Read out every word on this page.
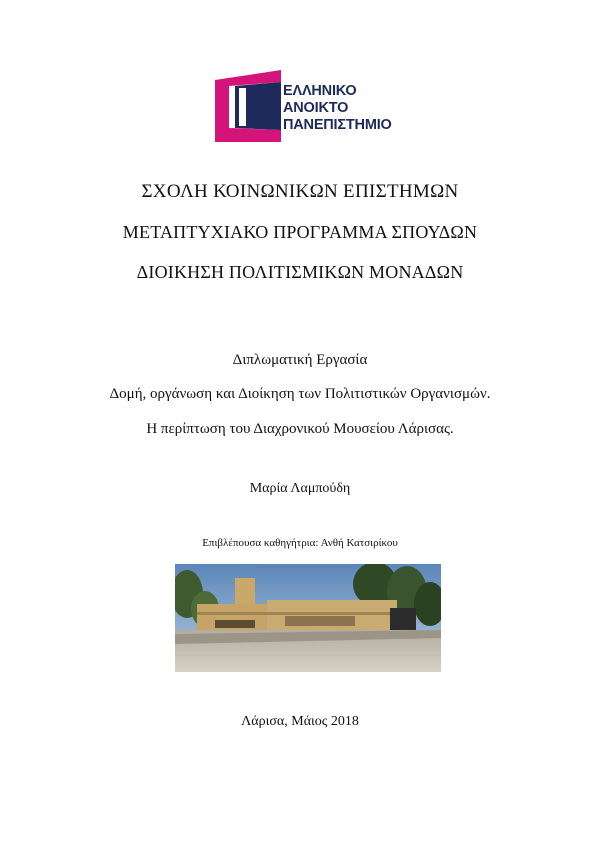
ΕΛΛΗΝΙΚΟ
ΑΝΟΙΚΤΟ
ΠΑΝΕΠΙΣΤΗΜΙΟ
ΣΧΟΛΗ ΚΟΙΝΩΝΙΚΩΝ ΕΠΙΣΤΗΜΩΝ
ΜΕΤΑΠΤΥΧΙΑΚΟ ΠΡΟΓΡΑΜΜΑ ΣΠΟΥΔΩΝ
ΔΙΟΙΚΗΣΗ ΠΟΛΙΤΙΣΜΙΚΩΝ ΜΟΝΑΔΩΝ
Διπλωματική Εργασία
Δομή, οργάνωση και Διοίκηση των Πολιτιστικών Οργανισμών.
Η περίπτωση του Διαχρονικού Μουσείου Λάρισας.
Μαρία Λαμπούδη
Επιβλέπουσα καθηγήτρια: Ανθή Κατσιρίκου
Λάρισα, Μάιος 2018
